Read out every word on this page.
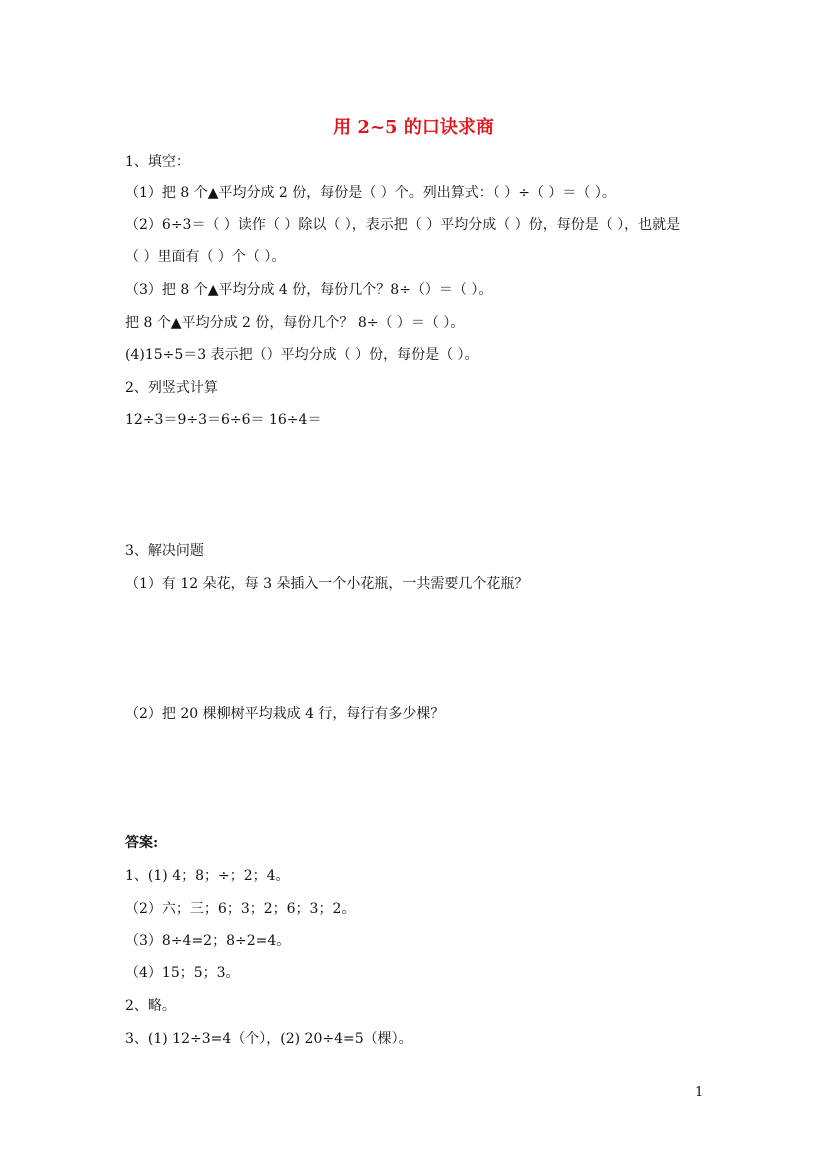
用 2~5 的口诀求商
1、填空：
（1）把 8 个▲平均分成 2 份，每份是（ ）个。列出算式：（ ）÷（ ）＝（ ）。
（2）6÷3＝（ ）读作（ ）除以（ ），表示把（ ）平均分成（ ）份，每份是（ ），也就是
（ ）里面有（ ）个（ ）。
（3）把 8 个▲平均分成 4 份，每份几个？8÷（）＝（ ）。
把 8 个▲平均分成 2 份，每份几个？ 8÷（ ）＝（ ）。
(4)15÷5＝3 表示把（）平均分成（ ）份，每份是（ ）。
2、列竖式计算
12÷3＝9÷3＝6÷6＝ 16÷4＝
3、解决问题
（1）有 12 朵花，每 3 朵插入一个小花瓶，一共需要几个花瓶？
（2）把 20 棵柳树平均栽成 4 行，每行有多少棵？
答案:
1、(1) 4；8；÷；2；4。
（2）六；三；6；3；2；6；3；2。
（3）8÷4=2；8÷2=4。
（4）15；5；3。
2、略。
3、(1) 12÷3=4（个），(2) 20÷4=5（棵）。
1
